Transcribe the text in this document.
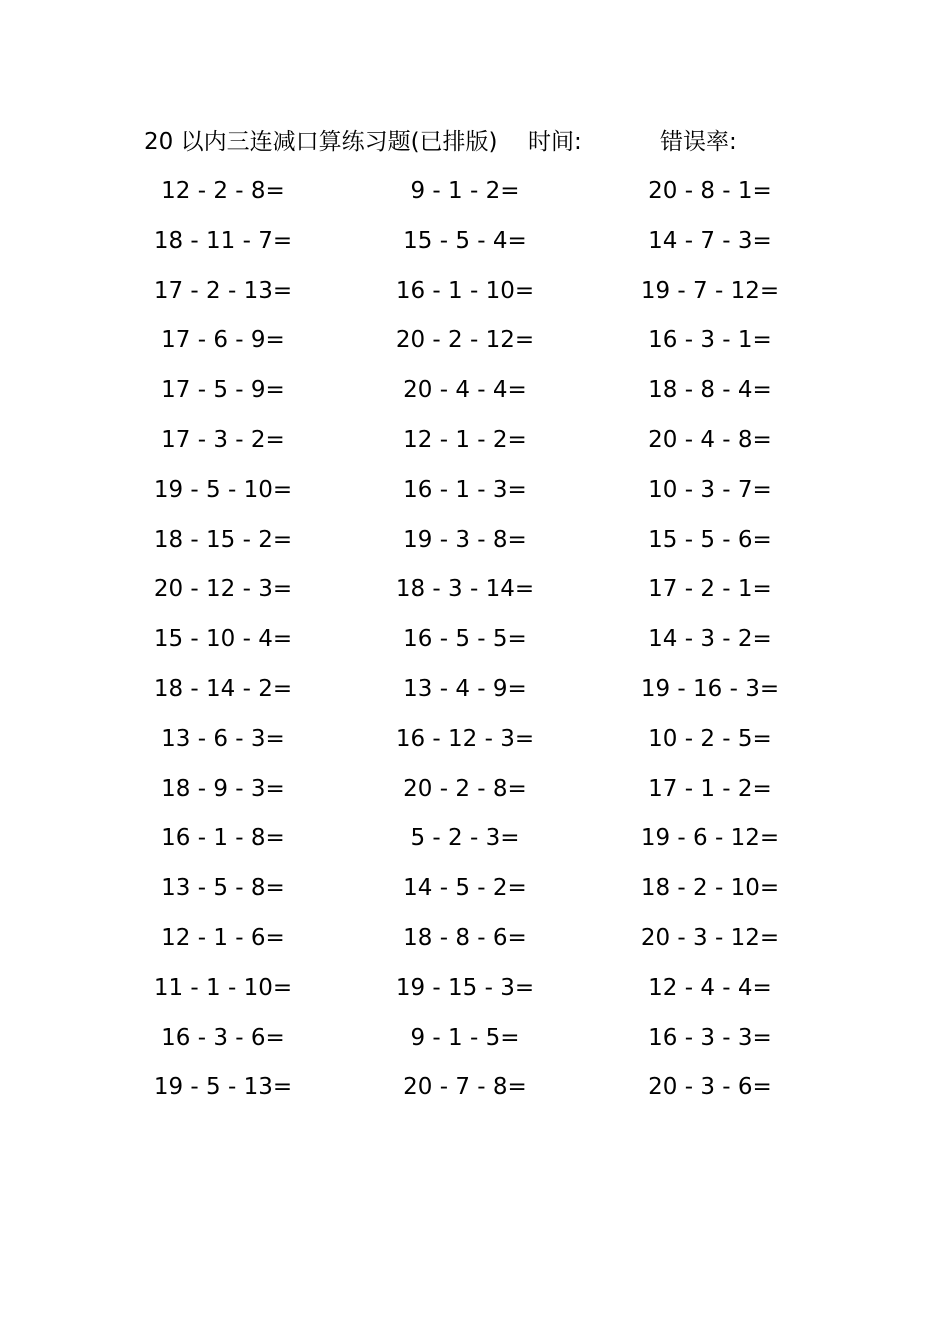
20 以内三连减口算练习题(已排版) 时间:	错误率:
12 - 2 - 8=	9 - 1 - 2=	20 - 8 - 1=
18 - 11 - 7=	15 - 5 - 4=	14 - 7 - 3=
17 - 2 - 13=	16 - 1 - 10=	19 - 7 - 12=
17 - 6 - 9=	20 - 2 - 12=	16 - 3 - 1=
17 - 5 - 9=	20 - 4 - 4=	18 - 8 - 4=
17 - 3 - 2=	12 - 1 - 2=	20 - 4 - 8=
19 - 5 - 10=	16 - 1 - 3=	10 - 3 - 7=
18 - 15 - 2=	19 - 3 - 8=	15 - 5 - 6=
20 - 12 - 3=	18 - 3 - 14=	17 - 2 - 1=
15 - 10 - 4=	16 - 5 - 5=	14 - 3 - 2=
18 - 14 - 2=	13 - 4 - 9=	19 - 16 - 3=
13 - 6 - 3=	16 - 12 - 3=	10 - 2 - 5=
18 - 9 - 3=	20 - 2 - 8=	17 - 1 - 2=
16 - 1 - 8=	5 - 2 - 3=	19 - 6 - 12=
13 - 5 - 8=	14 - 5 - 2=	18 - 2 - 10=
12 - 1 - 6=	18 - 8 - 6=	20 - 3 - 12=
11 - 1 - 10=	19 - 15 - 3=	12 - 4 - 4=
16 - 3 - 6=	9 - 1 - 5=	16 - 3 - 3=
19 - 5 - 13=	20 - 7 - 8=	20 - 3 - 6=
